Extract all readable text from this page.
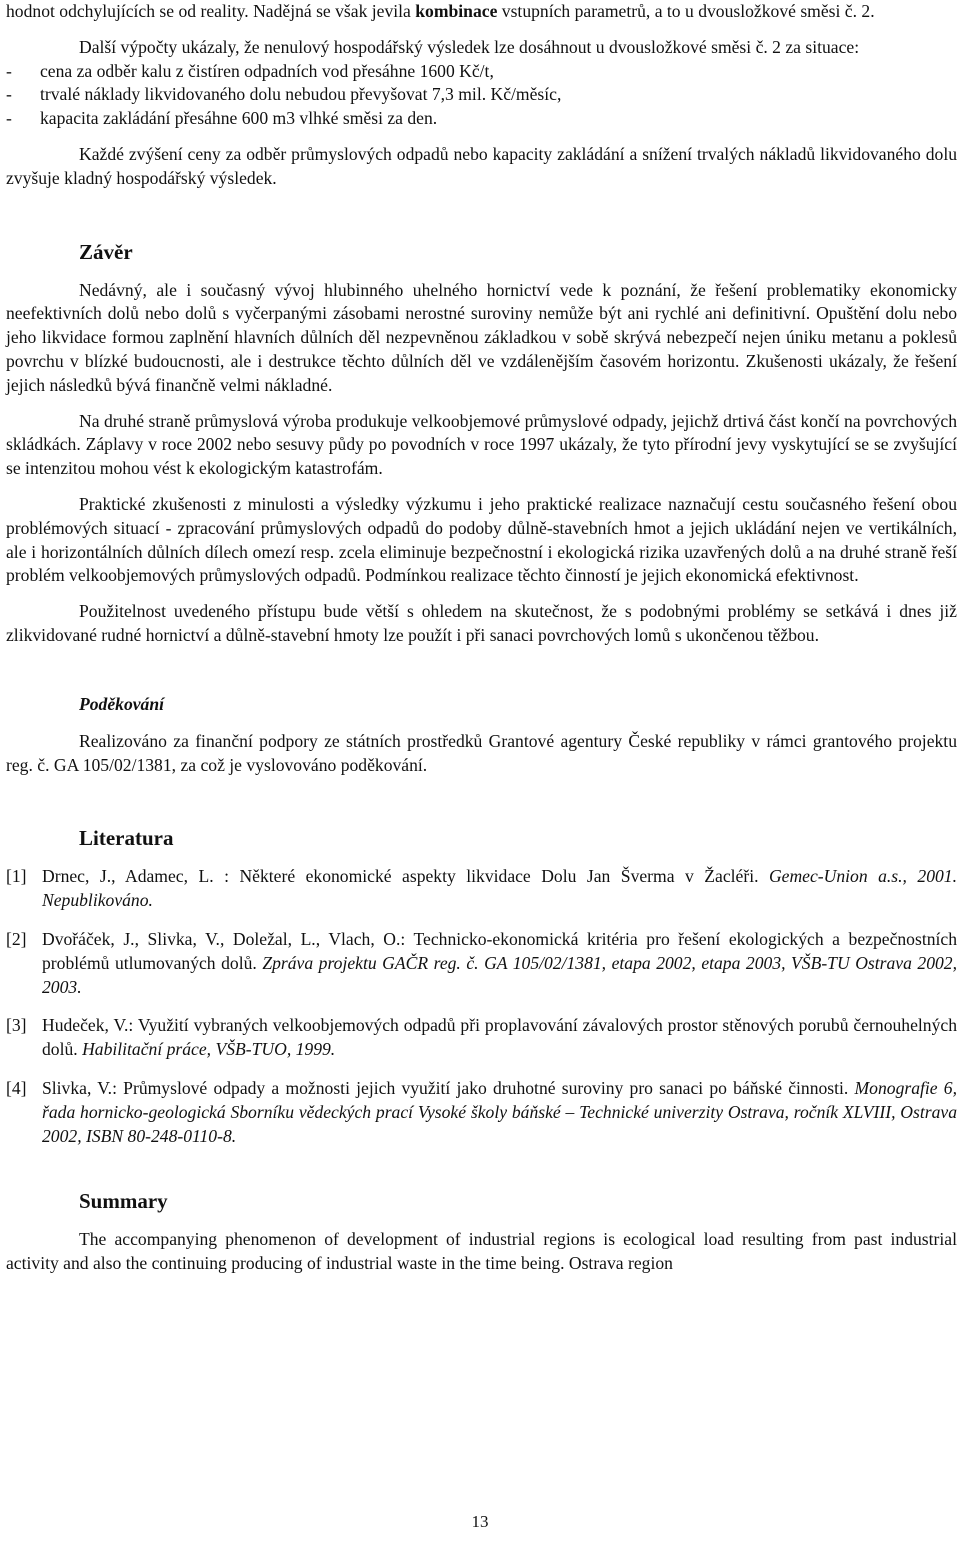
hodnot odchylujících se od reality. Nadějná se však jevila kombinace vstupních parametrů, a to u dvousložkové směsi č. 2.

Další výpočty ukázaly, že nenulový hospodářský výsledek lze dosáhnout u dvousložkové směsi č. 2 za situace:

-	cena za odběr kalu z čistíren odpadních vod přesáhne 1600 Kč/t,
-	trvalé náklady likvidovaného dolu nebudou převyšovat 7,3 mil. Kč/měsíc,
-	kapacita zakládání přesáhne 600 m3 vlhké směsi za den.

Každé zvýšení ceny za odběr průmyslových odpadů nebo kapacity zakládání a snížení trvalých nákladů likvidovaného dolu zvyšuje kladný hospodářský výsledek.

Závěr

Nedávný, ale i současný vývoj hlubinného uhelného hornictví vede k poznání, že řešení problematiky ekonomicky neefektivních dolů nebo dolů s vyčerpanými zásobami nerostné suroviny nemůže být ani rychlé ani definitivní. Opuštění dolu nebo jeho likvidace formou zaplnění hlavních důlních děl nezpevněnou základkou v sobě skrývá nebezpečí nejen úniku metanu a poklesů povrchu v blízké budoucnosti, ale i destrukce těchto důlních děl ve vzdálenějším časovém horizontu. Zkušenosti ukázaly, že řešení jejich následků bývá finančně velmi nákladné.

Na druhé straně průmyslová výroba produkuje velkoobjemové průmyslové odpady, jejichž drtivá část končí na povrchových skládkách. Záplavy v roce 2002 nebo sesuvy půdy po povodních v roce 1997 ukázaly, že tyto přírodní jevy vyskytující se se zvyšující se intenzitou mohou vést k ekologickým katastrofám.

Praktické zkušenosti z minulosti a výsledky výzkumu i jeho praktické realizace naznačují cestu současného řešení obou problémových situací - zpracování průmyslových odpadů do podoby důlně-stavebních hmot a jejich ukládání nejen ve vertikálních, ale i horizontálních důlních dílech omezí resp. zcela eliminuje bezpečnostní i ekologická rizika uzavřených dolů a na druhé straně řeší problém velkoobjemových průmyslových odpadů. Podmínkou realizace těchto činností je jejich ekonomická efektivnost.

Použitelnost uvedeného přístupu bude větší s ohledem na skutečnost, že s podobnými problémy se setkává i dnes již zlikvidované rudné hornictví a důlně-stavební hmoty lze použít i při sanaci povrchových lomů s ukončenou těžbou.

Poděkování

Realizováno za finanční podpory ze státních prostředků Grantové agentury České republiky v rámci grantového projektu reg. č. GA 105/02/1381, za což je vyslovováno poděkování.

Literatura
[1] Drnec, J., Adamec, L. : Některé ekonomické aspekty likvidace Dolu Jan Šverma v Žacléři. Gemec-Union a.s., 2001. Nepublikováno.
[2] Dvořáček, J., Slivka, V., Doležal, L., Vlach, O.: Technicko-ekonomická kritéria pro řešení ekologických a bezpečnostních problémů utlumovaných dolů. Zpráva projektu GAČR reg. č. GA 105/02/1381, etapa 2002, etapa 2003, VŠB-TU Ostrava 2002, 2003.
[3] Hudeček, V.: Využití vybraných velkoobjemových odpadů při proplavování závalových prostor stěnových porubů černouhelných dolů. Habilitační práce, VŠB-TUO, 1999.
[4] Slivka, V.: Průmyslové odpady a možnosti jejich využití jako druhotné suroviny pro sanaci po báňské činnosti. Monografie 6, řada hornicko-geologická Sborníku vědeckých prací Vysoké školy báňské – Technické univerzity Ostrava, ročník XLVIII, Ostrava 2002, ISBN 80-248-0110-8.
Summary

The accompanying phenomenon of development of industrial regions is ecological load resulting from past industrial activity and also the continuing producing of industrial waste in the time being. Ostrava region

13
